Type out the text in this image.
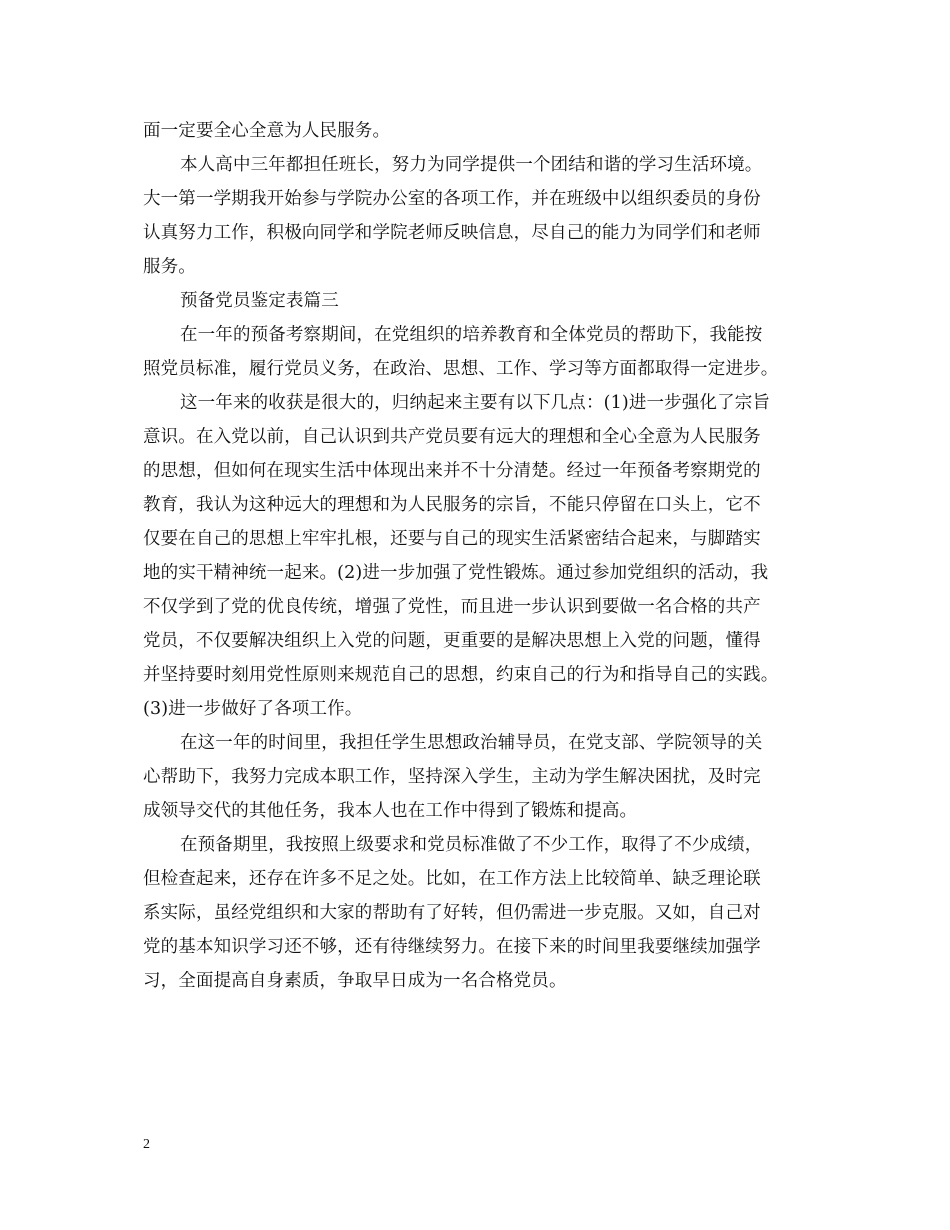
面一定要全心全意为人民服务。
本人高中三年都担任班长，努力为同学提供一个团结和谐的学习生活环境。
大一第一学期我开始参与学院办公室的各项工作，并在班级中以组织委员的身份
认真努力工作，积极向同学和学院老师反映信息，尽自己的能力为同学们和老师
服务。
预备党员鉴定表篇三
在一年的预备考察期间，在党组织的培养教育和全体党员的帮助下，我能按
照党员标准，履行党员义务，在政治、思想、工作、学习等方面都取得一定进步。
这一年来的收获是很大的，归纳起来主要有以下几点：(1)进一步强化了宗旨
意识。在入党以前，自己认识到共产党员要有远大的理想和全心全意为人民服务
的思想，但如何在现实生活中体现出来并不十分清楚。经过一年预备考察期党的
教育，我认为这种远大的理想和为人民服务的宗旨，不能只停留在口头上，它不
仅要在自己的思想上牢牢扎根，还要与自己的现实生活紧密结合起来，与脚踏实
地的实干精神统一起来。(2)进一步加强了党性锻炼。通过参加党组织的活动，我
不仅学到了党的优良传统，增强了党性，而且进一步认识到要做一名合格的共产
党员，不仅要解决组织上入党的问题，更重要的是解决思想上入党的问题，懂得
并坚持要时刻用党性原则来规范自己的思想，约束自己的行为和指导自己的实践。
(3)进一步做好了各项工作。
在这一年的时间里，我担任学生思想政治辅导员，在党支部、学院领导的关
心帮助下，我努力完成本职工作，坚持深入学生，主动为学生解决困扰，及时完
成领导交代的其他任务，我本人也在工作中得到了锻炼和提高。
在预备期里，我按照上级要求和党员标准做了不少工作，取得了不少成绩，
但检查起来，还存在许多不足之处。比如，在工作方法上比较简单、缺乏理论联
系实际，虽经党组织和大家的帮助有了好转，但仍需进一步克服。又如，自己对
党的基本知识学习还不够，还有待继续努力。在接下来的时间里我要继续加强学
习，全面提高自身素质，争取早日成为一名合格党员。
2
